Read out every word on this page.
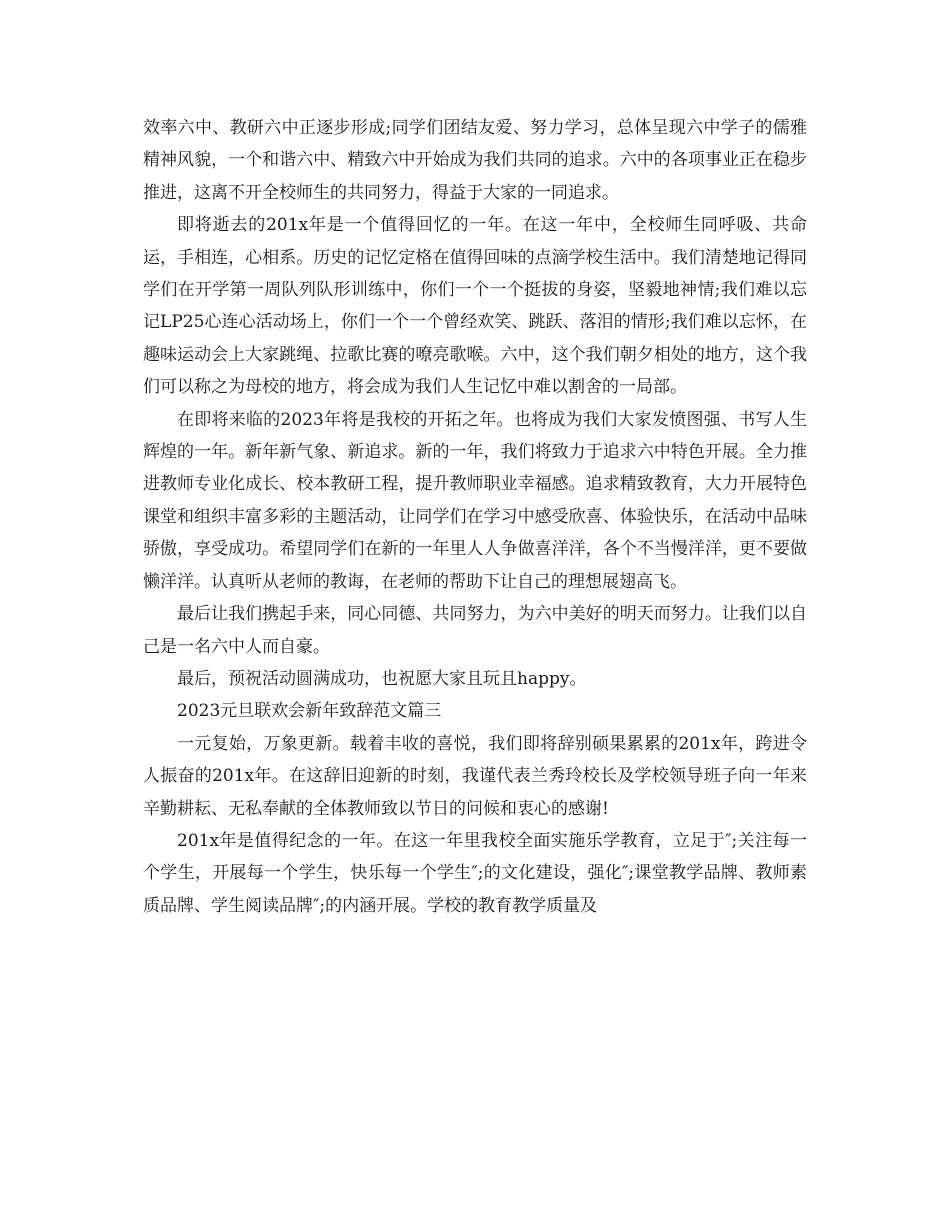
效率六中、教研六中正逐步形成;同学们团结友爱、努力学习，总体呈现六中学子的儒雅精神风貌，一个和谐六中、精致六中开始成为我们共同的追求。六中的各项事业正在稳步推进，这离不开全校师生的共同努力，得益于大家的一同追求。

即将逝去的201x年是一个值得回忆的一年。在这一年中，全校师生同呼吸、共命运，手相连，心相系。历史的记忆定格在值得回味的点滴学校生活中。我们清楚地记得同学们在开学第一周队列队形训练中，你们一个一个挺拔的身姿，坚毅地神情;我们难以忘记LP25心连心活动场上，你们一个一个曾经欢笑、跳跃、落泪的情形;我们难以忘怀，在趣味运动会上大家跳绳、拉歌比赛的嘹亮歌喉。六中，这个我们朝夕相处的地方，这个我们可以称之为母校的地方，将会成为我们人生记忆中难以割舍的一局部。

在即将来临的2023年将是我校的开拓之年。也将成为我们大家发愤图强、书写人生辉煌的一年。新年新气象、新追求。新的一年，我们将致力于追求六中特色开展。全力推进教师专业化成长、校本教研工程，提升教师职业幸福感。追求精致教育，大力开展特色课堂和组织丰富多彩的主题活动，让同学们在学习中感受欣喜、体验快乐，在活动中品味骄傲，享受成功。希望同学们在新的一年里人人争做喜洋洋，各个不当慢洋洋，更不要做懒洋洋。认真听从老师的教诲，在老师的帮助下让自己的理想展翅高飞。

最后让我们携起手来，同心同德、共同努力，为六中美好的明天而努力。让我们以自己是一名六中人而自豪。

最后，预祝活动圆满成功，也祝愿大家且玩且happy。

2023元旦联欢会新年致辞范文篇三

一元复始，万象更新。载着丰收的喜悦，我们即将辞别硕果累累的201x年，跨进令人振奋的201x年。在这辞旧迎新的时刻，我谨代表兰秀玲校长及学校领导班子向一年来辛勤耕耘、无私奉献的全体教师致以节日的问候和衷心的感谢!

201x年是值得纪念的一年。在这一年里我校全面实施乐学教育，立足于″;关注每一个学生，开展每一个学生，快乐每一个学生″;的文化建设，强化″;课堂教学品牌、教师素质品牌、学生阅读品牌″;的内涵开展。学校的教育教学质量及
